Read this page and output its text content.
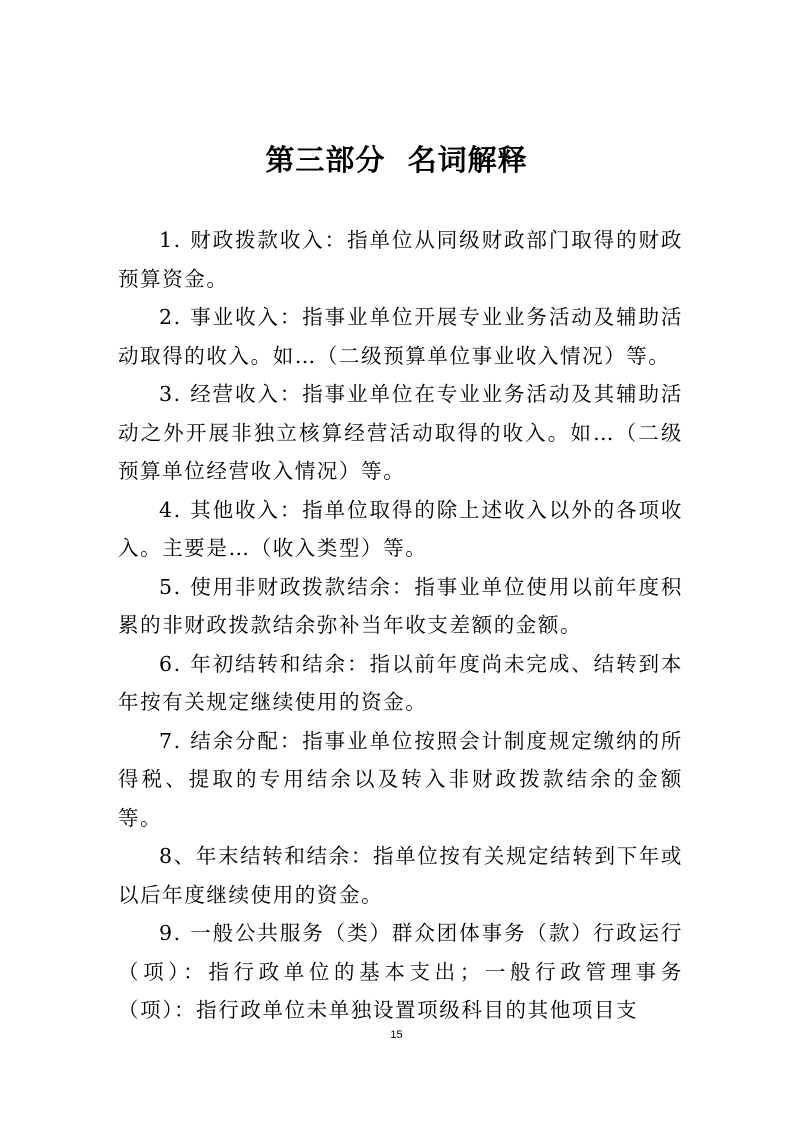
第三部分  名词解释

1. 财政拨款收入：指单位从同级财政部门取得的财政预算资金。

2. 事业收入：指事业单位开展专业业务活动及辅助活动取得的收入。如…（二级预算单位事业收入情况）等。

3. 经营收入：指事业单位在专业业务活动及其辅助活动之外开展非独立核算经营活动取得的收入。如…（二级预算单位经营收入情况）等。

4. 其他收入：指单位取得的除上述收入以外的各项收入。主要是…（收入类型）等。

5. 使用非财政拨款结余：指事业单位使用以前年度积累的非财政拨款结余弥补当年收支差额的金额。

6. 年初结转和结余：指以前年度尚未完成、结转到本年按有关规定继续使用的资金。

7. 结余分配：指事业单位按照会计制度规定缴纳的所得税、提取的专用结余以及转入非财政拨款结余的金额等。

8、年末结转和结余：指单位按有关规定结转到下年或以后年度继续使用的资金。

9. 一般公共服务（类）群众团体事务（款）行政运行（项）：指行政单位的基本支出；一般行政管理事务（项）：指行政单位未单独设置项级科目的其他项目支

15
